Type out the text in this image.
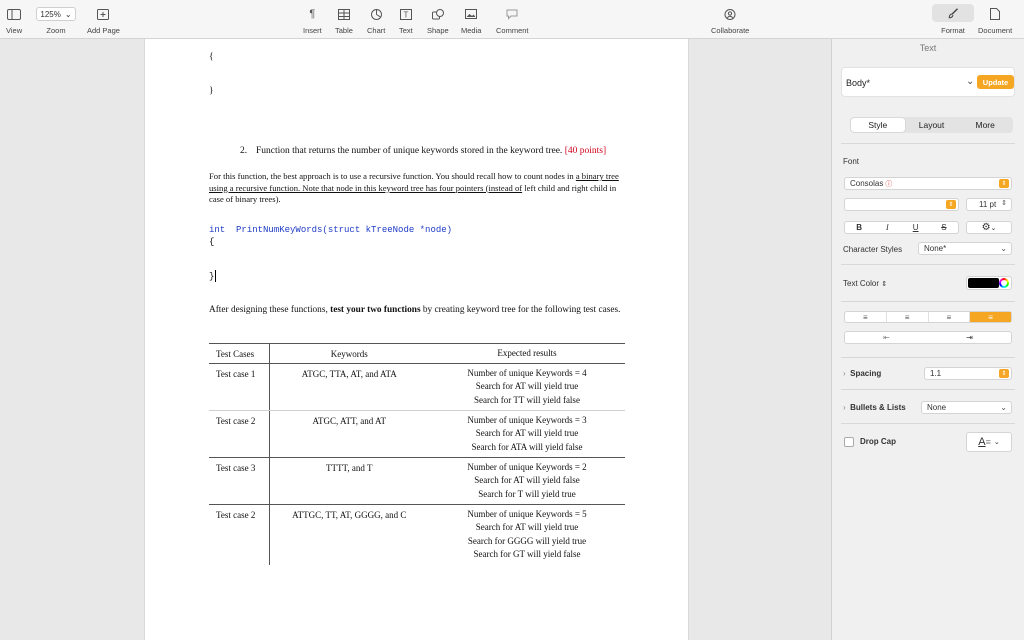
View
125% ⌄
Zoom	Add Page
¶
Insert Table Chart
T
Text Shape Media Comment	Collaborate	Format Document
{
}
2. Function that returns the number of unique keywords stored in the keyword tree. [40 points]
For this function, the best approach is to use a recursive function. You should recall how to count nodes in a binary tree using a recursive function. Note that node in this keyword tree has four pointers (instead of left child and right child in case of binary trees).
int PrintNumKeyWords(struct kTreeNode *node)
{
}
After designing these functions, test your two functions by creating keyword tree for the following test cases.
Test Cases	Keywords	Expected results
Test case 1	ATGC, TTA, AT, and ATA	Number of unique Keywords = 4
Search for AT will yield true
Search for TT will yield false

Test case 2	ATGC, ATT, and AT	Number of unique Keywords = 3
Search for AT will yield true
Search for ATA will yield false

Test case 3	TTTT, and T	Number of unique Keywords = 2
Search for AT will yield false
Search for T will yield true

Test case 2	ATTGC, TT, AT, GGGG, and C	Number of unique Keywords = 5
Search for AT will yield true
Search for GGGG will yield true
Search for GT will yield false
Text
Body*	⌄	Update
Style	Layout	More
Font
Consolas ⓘ	⇕
⇕	11 pt ⇕
B	I	U	S	⚙ ⌄
Character Styles	None*	⌄
Text Color ⇕
≡	≡	≡	≡
⇤	⇥
› Spacing	1.1	⇕
› Bullets & Lists	None	⌄
Drop Cap	A ≡ ⌄
